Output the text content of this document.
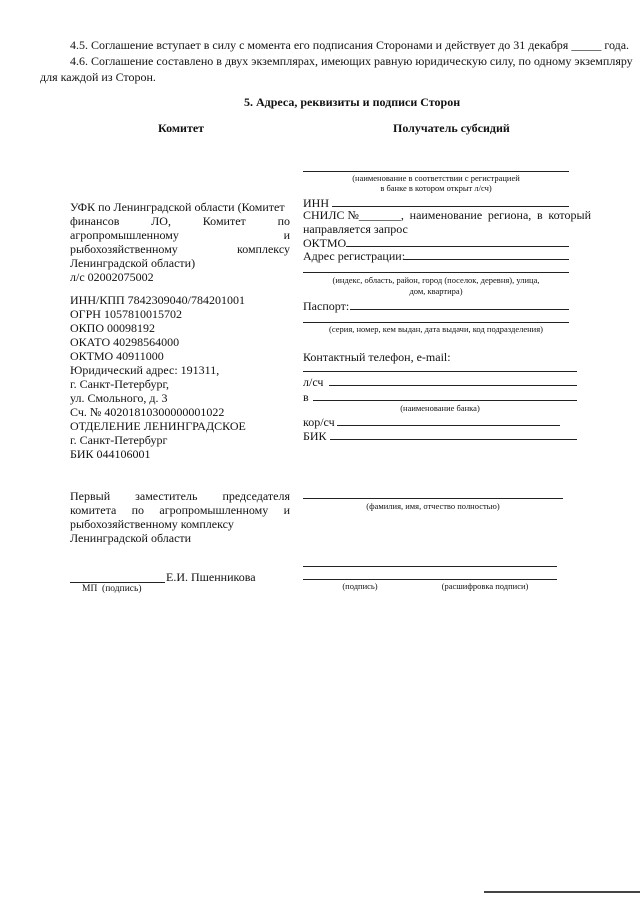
4.5. Соглашение вступает в силу с момента его подписания Сторонами и действует до 31 декабря _____ года.
4.6. Соглашение составлено в двух экземплярах, имеющих равную юридическую силу, по одному экземпляру
для каждой из Сторон.
5. Адреса, реквизиты и подписи Сторон
Комитет	Получатель субсидий
УФК по Ленинградской области (Комитет
финансов	ЛО,	Комитет	по
агропромышленному	и
рыбохозяйственному	комплексу
Ленинградской области)
л/с 02002075002
ИНН/КПП 7842309040/784201001
ОГРН 1057810015702
ОКПО 00098192
ОКАТО 40298564000
ОКТМО 40911000
Юридический адрес: 191311,
г. Санкт-Петербург,
ул. Смольного, д. 3
Сч. № 40201810300000001022
ОТДЕЛЕНИЕ ЛЕНИНГРАДСКОЕ
г. Санкт-Петербург
БИК 044106001
Первый заместитель председателя
комитета по агропромышленному и
рыбохозяйственному комплексу
Ленинградской области
Е.И. Пшенникова
МП  (подпись)
(наименование в соответствии с регистрацией
в банке в котором открыт л/сч)
ИНН
СНИЛС №_______, наименование региона, в который
направляется запрос
ОКТМО
Адрес регистрации:
(индекс, область, район, город (поселок, деревня), улица,
дом, квартира)
Паспорт:
(серия, номер, кем выдан, дата выдачи, код подразделения)
Контактный телефон, e-mail:
л/сч
в
(наименование банка)
кор/сч
БИК
(фамилия, имя, отчество полностью)
(подпись)	(расшифровка подписи)
